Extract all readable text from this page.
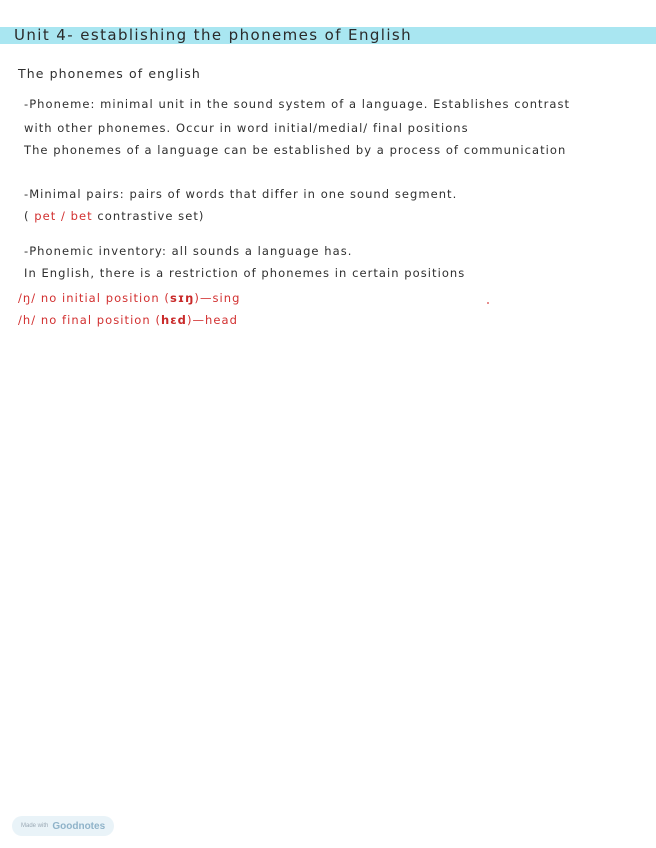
Unit 4- establishing the phonemes of English
The phonemes of english
-Phoneme: minimal unit in the sound system of a language. Establishes contrast
with other phonemes. Occur in word initial/medial/ final positions
The phonemes of a language can be established by a process of communication
-Minimal pairs: pairs of words that differ in one sound segment.
( pet / bet contrastive set)
-Phonemic inventory: all sounds a language has.
In English, there is a restriction of phonemes in certain positions
/ŋ/ no initial position (sɪŋ)—sing
/h/ no final position (hɛd)—head
Made with Goodnotes
